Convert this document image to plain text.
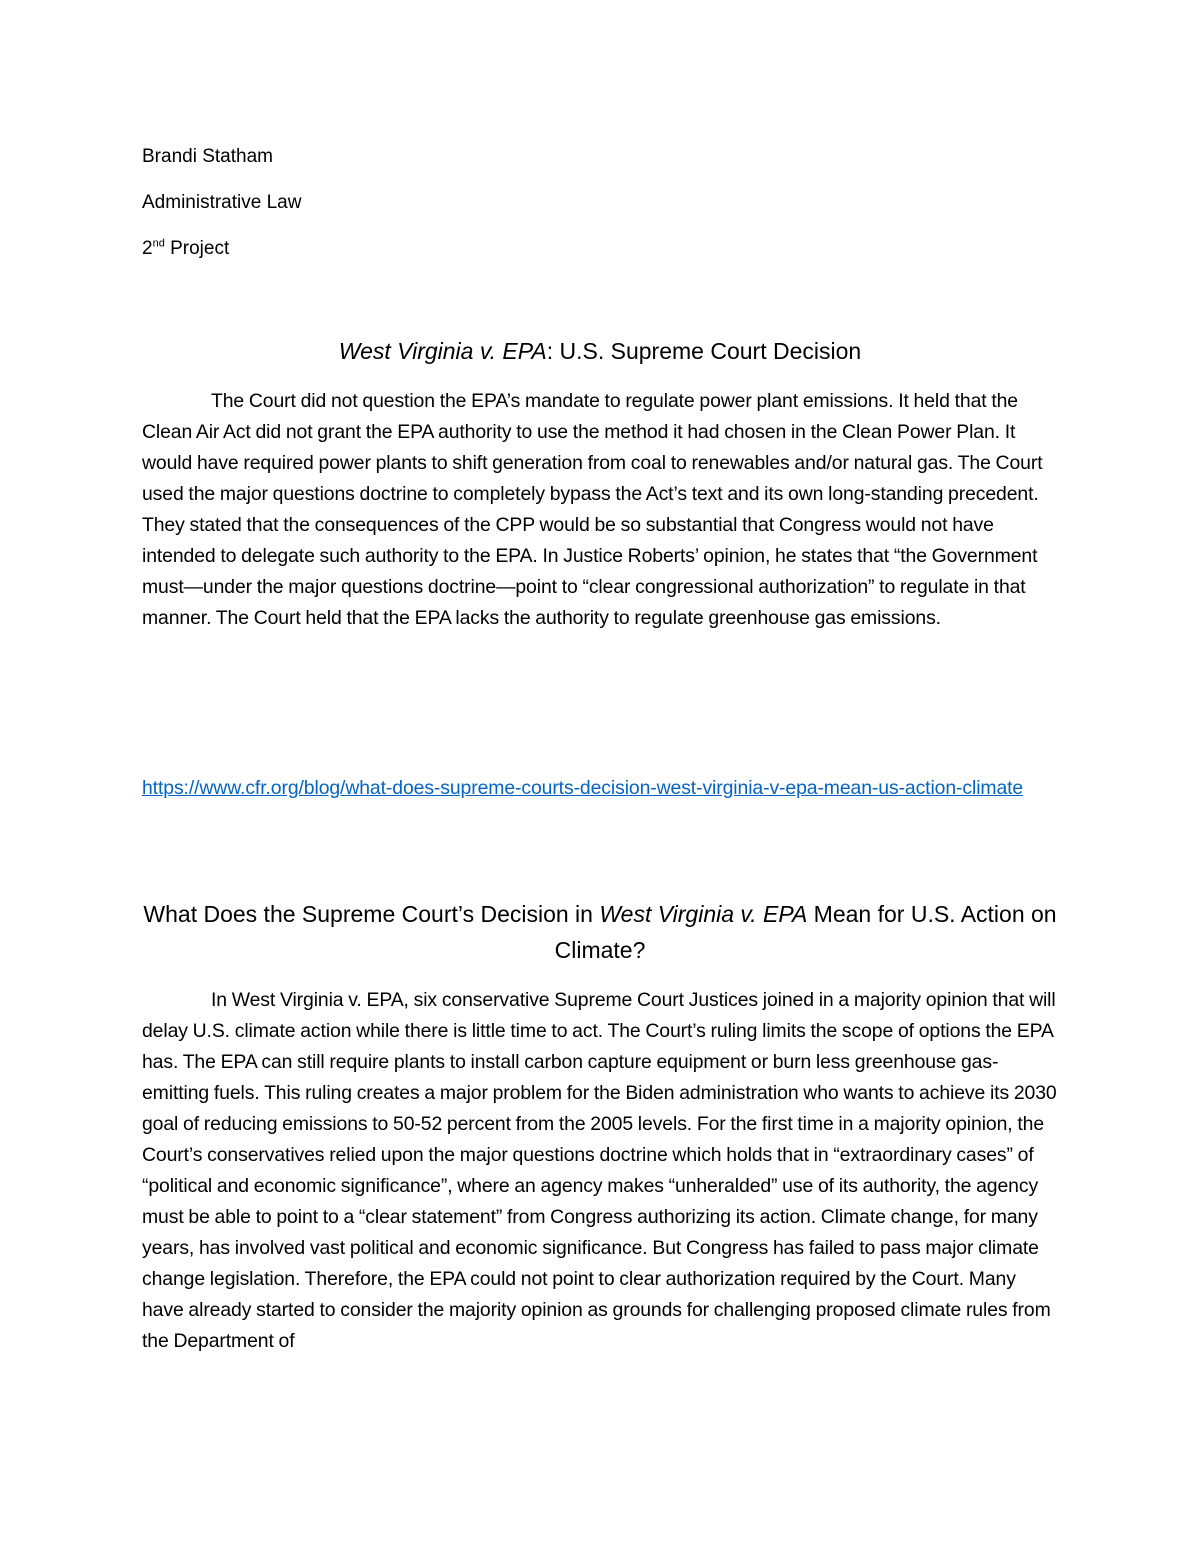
Brandi Statham
Administrative Law
2nd Project
West Virginia v. EPA: U.S. Supreme Court Decision
The Court did not question the EPA’s mandate to regulate power plant emissions. It held that the Clean Air Act did not grant the EPA authority to use the method it had chosen in the Clean Power Plan. It would have required power plants to shift generation from coal to renewables and/or natural gas. The Court used the major questions doctrine to completely bypass the Act’s text and its own long-standing precedent. They stated that the consequences of the CPP would be so substantial that Congress would not have intended to delegate such authority to the EPA. In Justice Roberts’ opinion, he states that “the Government must—under the major questions doctrine—point to “clear congressional authorization” to regulate in that manner. The Court held that the EPA lacks the authority to regulate greenhouse gas emissions.
https://www.cfr.org/blog/what-does-supreme-courts-decision-west-virginia-v-epa-mean-us-action-climate
What Does the Supreme Court’s Decision in West Virginia v. EPA Mean for U.S. Action on Climate?
In West Virginia v. EPA, six conservative Supreme Court Justices joined in a majority opinion that will delay U.S. climate action while there is little time to act. The Court’s ruling limits the scope of options the EPA has. The EPA can still require plants to install carbon capture equipment or burn less greenhouse gas-emitting fuels. This ruling creates a major problem for the Biden administration who wants to achieve its 2030 goal of reducing emissions to 50-52 percent from the 2005 levels. For the first time in a majority opinion, the Court’s conservatives relied upon the major questions doctrine which holds that in “extraordinary cases” of “political and economic significance”, where an agency makes “unheralded” use of its authority, the agency must be able to point to a “clear statement” from Congress authorizing its action. Climate change, for many years, has involved vast political and economic significance. But Congress has failed to pass major climate change legislation. Therefore, the EPA could not point to clear authorization required by the Court. Many have already started to consider the majority opinion as grounds for challenging proposed climate rules from the Department of
